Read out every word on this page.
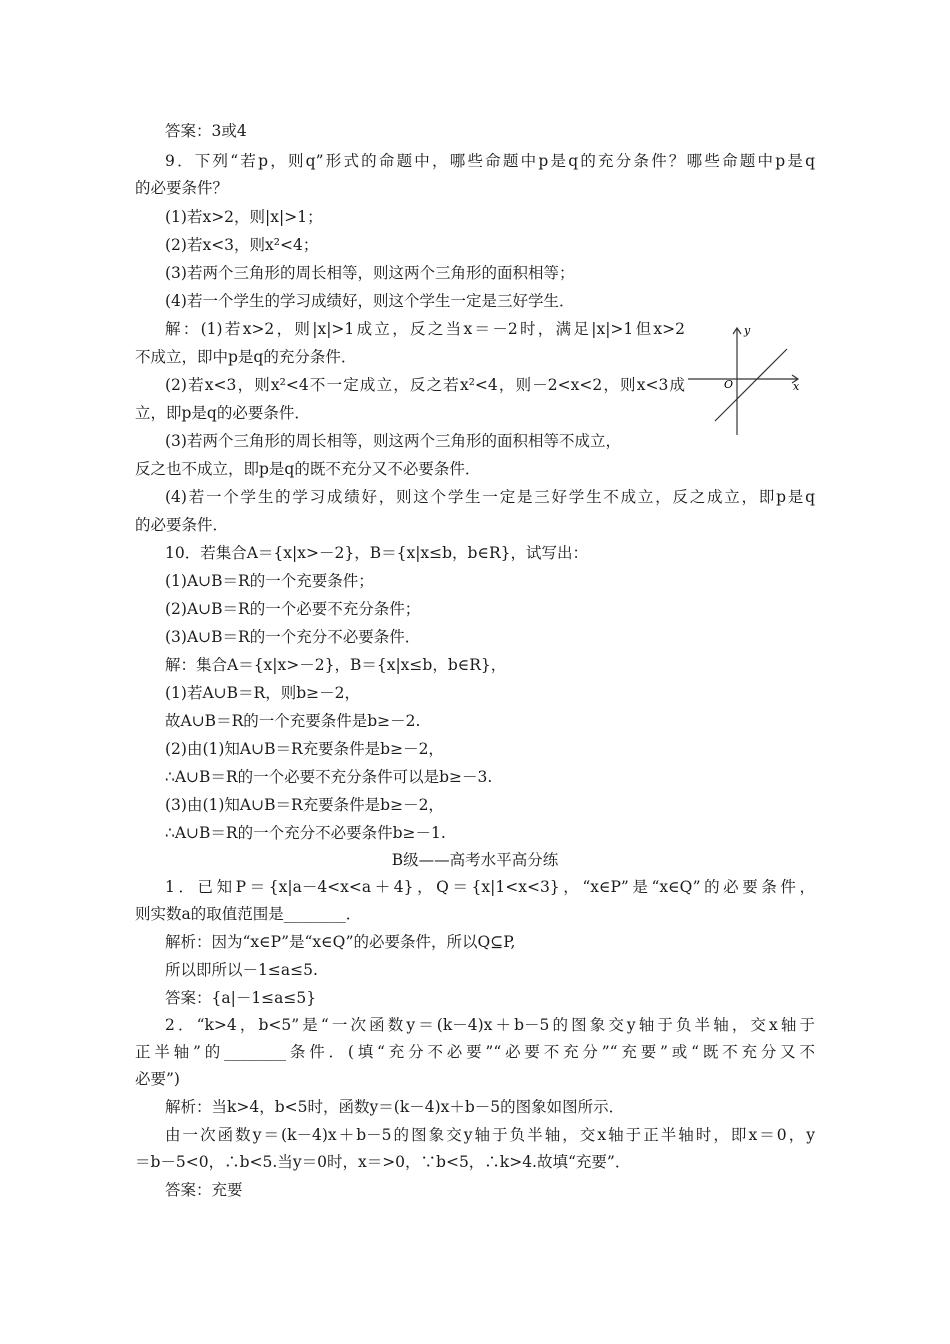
答案：3或4
9．下列“若p，则q”形式的命题中，哪些命题中p是q的充分条件？哪些命题中p是q
的必要条件？
(1)若x>2，则|x|>1；
(2)若x<3，则x²<4；
(3)若两个三角形的周长相等，则这两个三角形的面积相等；
(4)若一个学生的学习成绩好，则这个学生一定是三好学生．
解：(1)若x>2，则|x|>1成立，反之当x＝－2时，满足|x|>1但x>2
不成立，即中p是q的充分条件．
(2)若x<3，则x²<4不一定成立，反之若x²<4，则－2<x<2，则x<3成
立，即p是q的必要条件．
(3)若两个三角形的周长相等，则这两个三角形的面积相等不成立，
反之也不成立，即p是q的既不充分又不必要条件．
(4)若一个学生的学习成绩好，则这个学生一定是三好学生不成立，反之成立，即p是q
的必要条件．
10．若集合A＝{x|x>－2}，B＝{x|x≤b，b∈R}，试写出：
(1)A∪B＝R的一个充要条件；
(2)A∪B＝R的一个必要不充分条件；
(3)A∪B＝R的一个充分不必要条件．
解：集合A＝{x|x>－2}，B＝{x|x≤b，b∈R}，
(1)若A∪B＝R，则b≥－2，
故A∪B＝R的一个充要条件是b≥－2.
(2)由(1)知A∪B＝R充要条件是b≥－2，
∴A∪B＝R的一个必要不充分条件可以是b≥－3.
(3)由(1)知A∪B＝R充要条件是b≥－2，
∴A∪B＝R的一个充分不必要条件b≥－1.
B级——高考水平高分练
1．已知P＝{x|a－4<x<a＋4}，Q＝{x|1<x<3}，“x∈P”是“x∈Q”的必要条件，
则实数a的取值范围是________．
解析：因为“x∈P”是“x∈Q”的必要条件，所以Q⊆P,
所以即所以－1≤a≤5.
答案：{a|－1≤a≤5}
2．“k>4，b<5”是“一次函数y＝(k－4)x＋b－5的图象交y轴于负半轴，交x轴于
正半轴”的________条件．(填“充分不必要”“必要不充分”“充要”或“既不充分又不
必要”)
解析：当k>4，b<5时，函数y＝(k－4)x＋b－5的图象如图所示．
由一次函数y＝(k－4)x＋b－5的图象交y轴于负半轴，交x轴于正半轴时，即x＝0，y
＝b－5<0，∴b<5.当y＝0时，x＝>0，∵b<5，∴k>4.故填“充要”．
答案：充要
x
y
O
